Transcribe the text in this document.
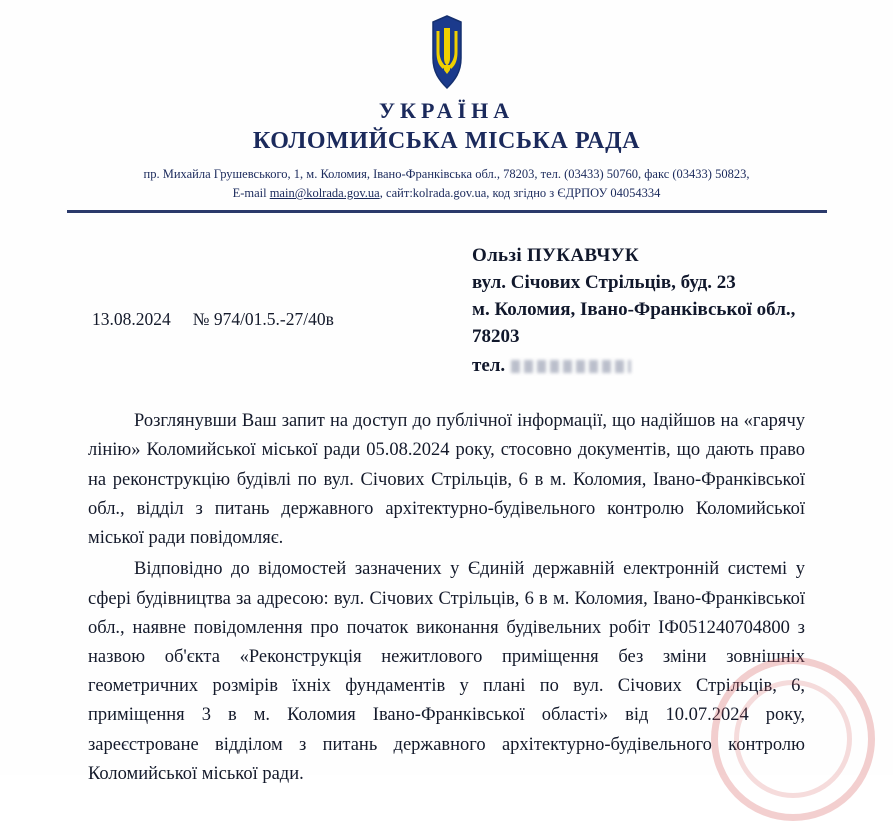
УКРАЇНА
КОЛОМИЙСЬКА МІСЬКА РАДА
пр. Михайла Грушевського, 1, м. Коломия, Івано-Франківська обл., 78203, тел. (03433) 50760, факс (03433) 50823,
E-mail main@kolrada.gov.ua, сайт:kolrada.gov.ua, код згідно з ЄДРПОУ 04054334
Ользі ПУКАВЧУК
вул. Січових Стрільців, буд. 23
м. Коломия, Івано-Франківської обл.,
78203
тел.
13.08.2024 № 974/01.5.-27/40в

Розглянувши Ваш запит на доступ до публічної інформації, що надійшов на «гарячу лінію» Коломийської міської ради 05.08.2024 року, стосовно документів, що дають право на реконструкцію будівлі по вул. Січових Стрільців, 6 в м. Коломия, Івано-Франківської обл., відділ з питань державного архітектурно-будівельного контролю Коломийської міської ради повідомляє.

Відповідно до відомостей зазначених у Єдиній державній електронній системі у сфері будівництва за адресою: вул. Січових Стрільців, 6 в м. Коломия, Івано-Франківської обл., наявне повідомлення про початок виконання будівельних робіт ІФ051240704800 з назвою об'єкта «Реконструкція нежитлового приміщення без зміни зовнішніх геометричних розмірів їхніх фундаментів у плані по вул. Січових Стрільців, 6, приміщення 3 в м. Коломия Івано-Франківської області» від 10.07.2024 року, зареєстроване відділом з питань державного архітектурно-будівельного контролю Коломийської міської ради.
